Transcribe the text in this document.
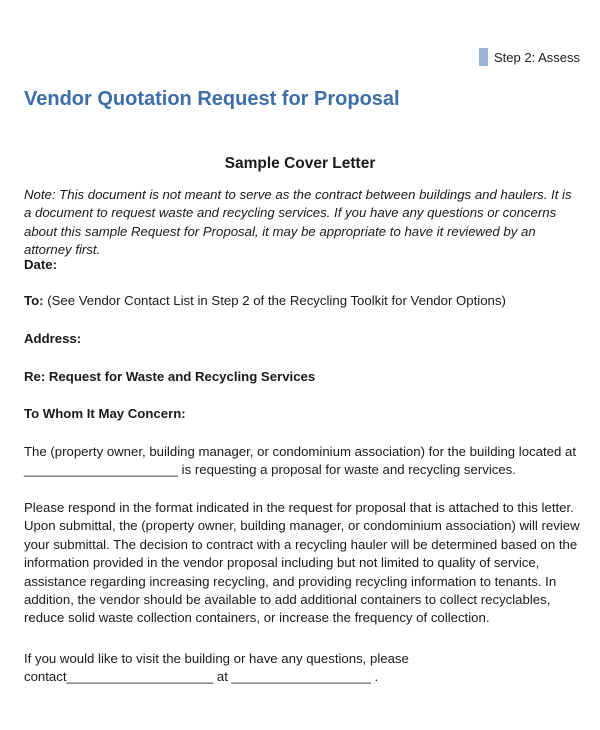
Step 2: Assess
Vendor Quotation Request for Proposal
Sample Cover Letter

Note: This document is not meant to serve as the contract between buildings and haulers. It is a document to request waste and recycling services. If you have any questions or concerns about this sample Request for Proposal, it may be appropriate to have it reviewed by an attorney first.

Date:

To: (See Vendor Contact List in Step 2 of the Recycling Toolkit for Vendor Options)

Address:

Re: Request for Waste and Recycling Services

To Whom It May Concern:

The (property owner, building manager, or condominium association) for the building located at _____________________ is requesting a proposal for waste and recycling services.

Please respond in the format indicated in the request for proposal that is attached to this letter. Upon submittal, the (property owner, building manager, or condominium association) will review your submittal. The decision to contract with a recycling hauler will be determined based on the information provided in the vendor proposal including but not limited to quality of service, assistance regarding increasing recycling, and providing recycling information to tenants. In addition, the vendor should be available to add additional containers to collect recyclables, reduce solid waste collection containers, or increase the frequency of collection.

If you would like to visit the building or have any questions, please contact____________________ at ___________________ .
